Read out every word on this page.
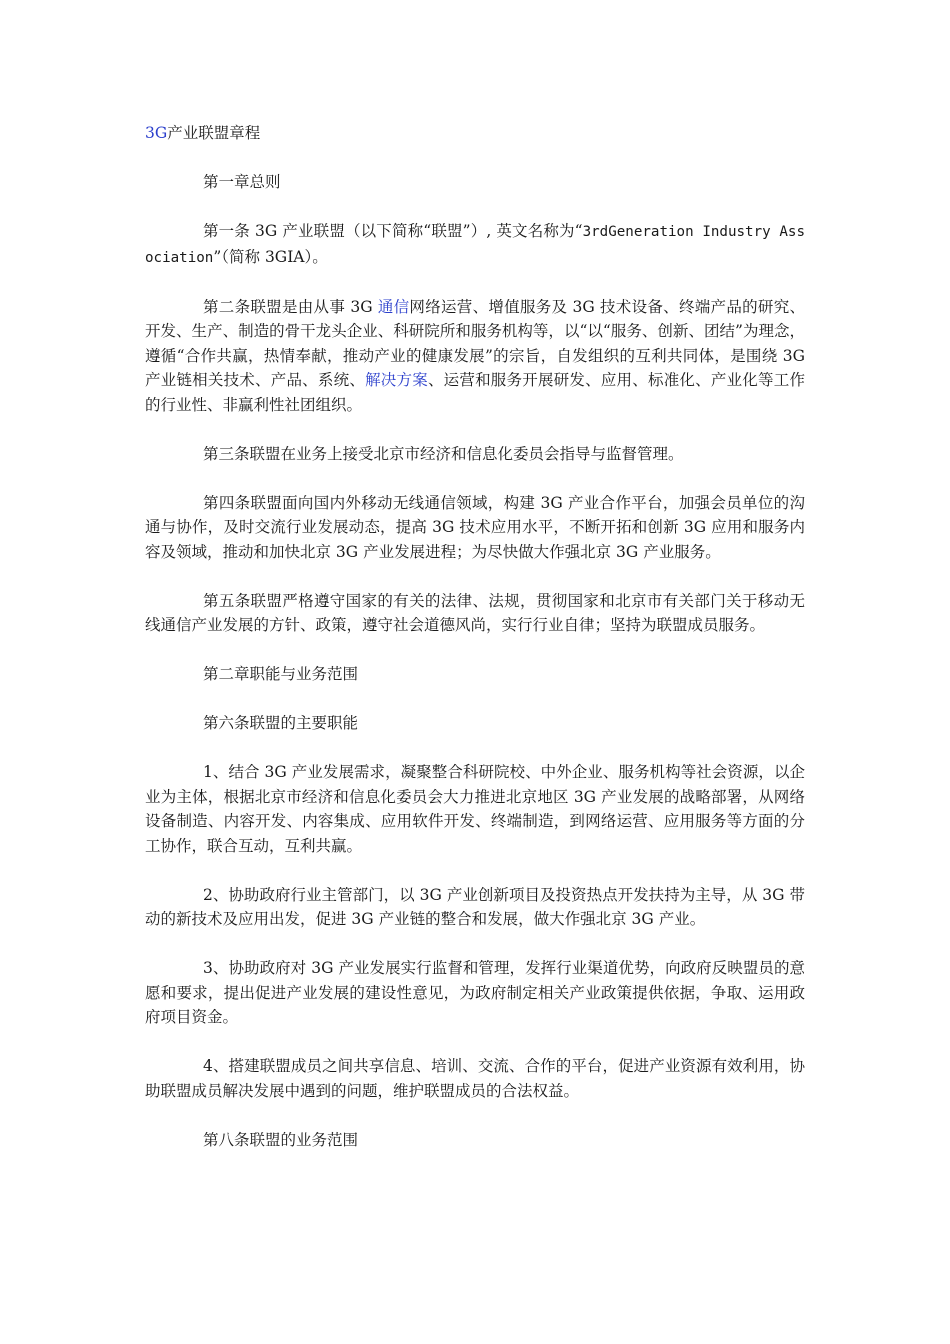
3G产业联盟章程

第一章总则

第一条 3G 产业联盟（以下简称“联盟”）, 英文名称为“3rdGeneration Industry Association”（简称 3GIA）。

第二条联盟是由从事 3G 通信网络运营、增值服务及 3G 技术设备、终端产品的研究、开发、生产、制造的骨干龙头企业、科研院所和服务机构等，以“以“服务、创新、团结”为理念，遵循“合作共赢，热情奉献，推动产业的健康发展”的宗旨，自发组织的互利共同体，是围绕 3G 产业链相关技术、产品、系统、解决方案、运营和服务开展研发、应用、标准化、产业化等工作的行业性、非赢利性社团组织。

第三条联盟在业务上接受北京市经济和信息化委员会指导与监督管理。

第四条联盟面向国内外移动无线通信领域，构建 3G 产业合作平台，加强会员单位的沟通与协作，及时交流行业发展动态，提高 3G 技术应用水平，不断开拓和创新 3G 应用和服务内容及领域，推动和加快北京 3G 产业发展进程；为尽快做大作强北京 3G 产业服务。

第五条联盟严格遵守国家的有关的法律、法规，贯彻国家和北京市有关部门关于移动无线通信产业发展的方针、政策，遵守社会道德风尚，实行行业自律；坚持为联盟成员服务。

第二章职能与业务范围

第六条联盟的主要职能

1、结合 3G 产业发展需求，凝聚整合科研院校、中外企业、服务机构等社会资源，以企业为主体，根据北京市经济和信息化委员会大力推进北京地区 3G 产业发展的战略部署，从网络设备制造、内容开发、内容集成、应用软件开发、终端制造，到网络运营、应用服务等方面的分工协作，联合互动，互利共赢。

2、协助政府行业主管部门，以 3G 产业创新项目及投资热点开发扶持为主导，从 3G 带动的新技术及应用出发，促进 3G 产业链的整合和发展，做大作强北京 3G 产业。

3、协助政府对 3G 产业发展实行监督和管理，发挥行业渠道优势，向政府反映盟员的意愿和要求，提出促进产业发展的建设性意见，为政府制定相关产业政策提供依据，争取、运用政府项目资金。

4、搭建联盟成员之间共享信息、培训、交流、合作的平台，促进产业资源有效利用，协助联盟成员解决发展中遇到的问题，维护联盟成员的合法权益。

第八条联盟的业务范围
